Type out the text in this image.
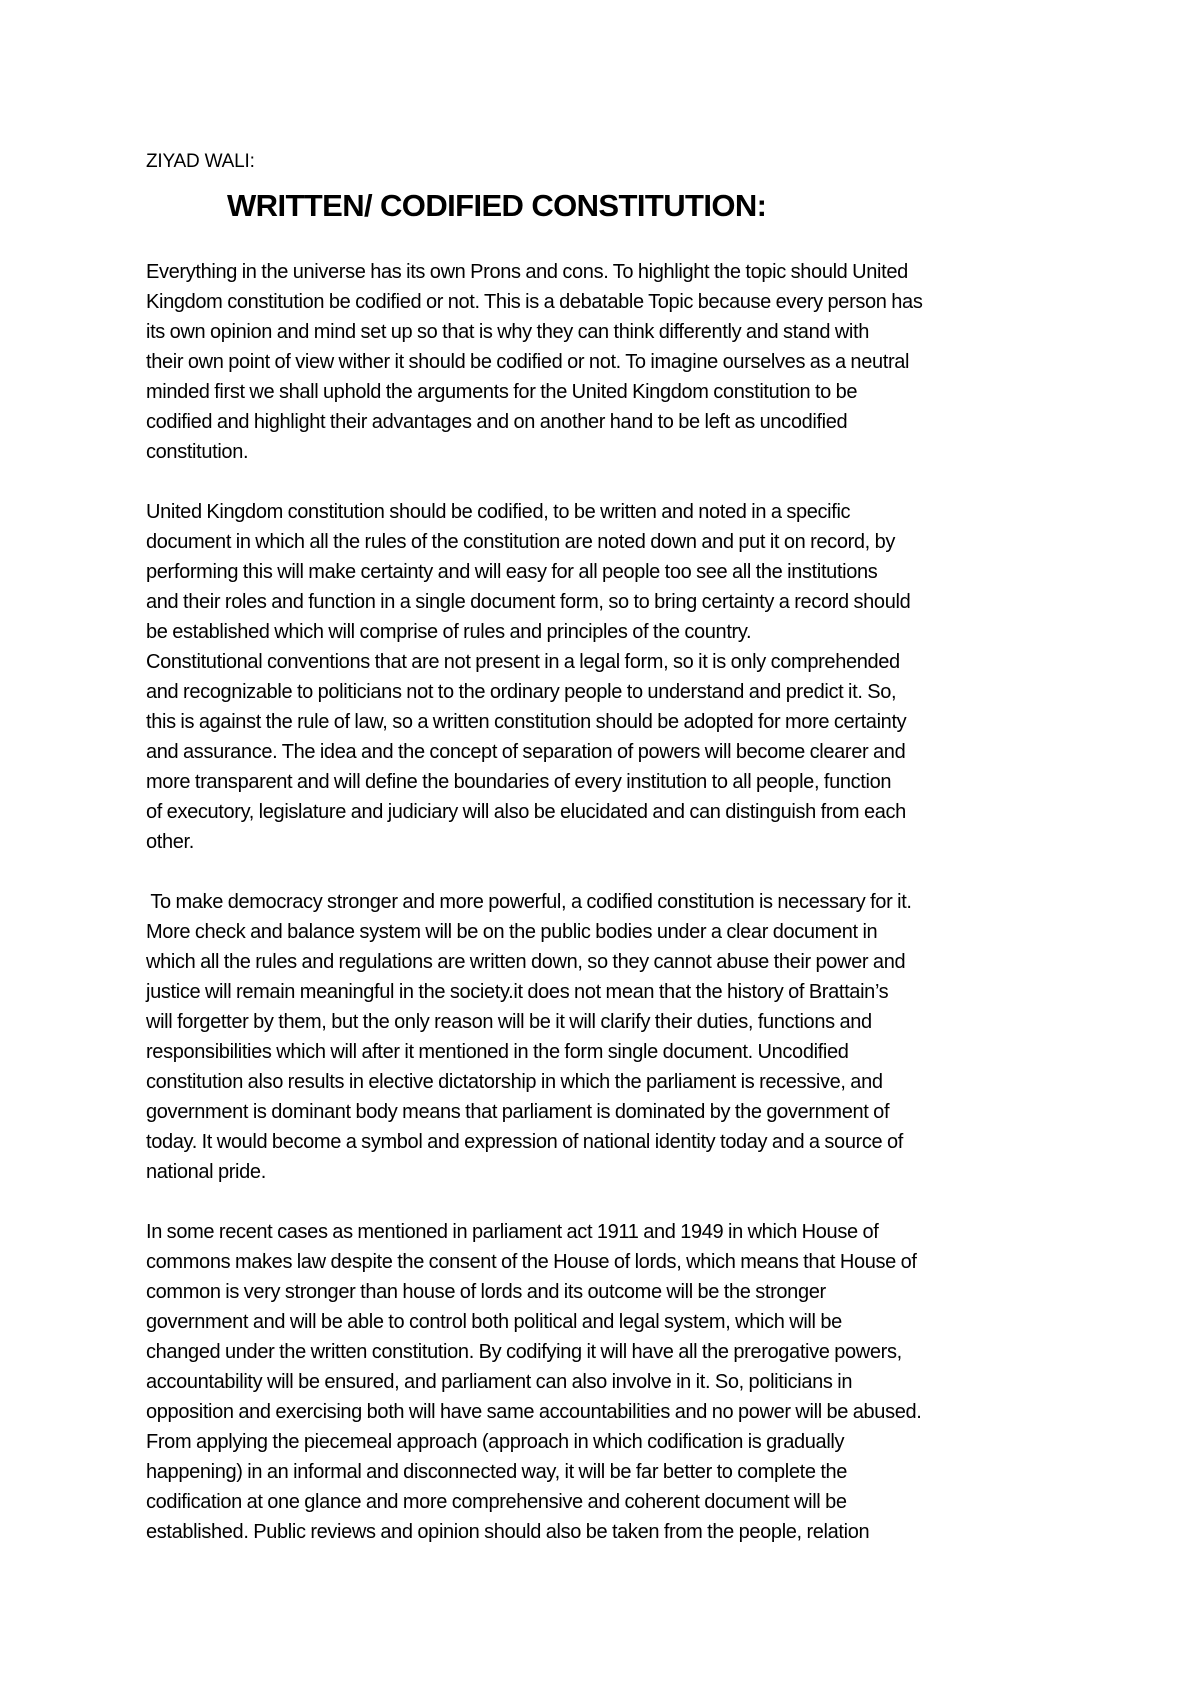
ZIYAD WALI:
WRITTEN/ CODIFIED CONSTITUTION:

Everything in the universe has its own Prons and cons. To highlight the topic should United
Kingdom constitution be codified or not. This is a debatable Topic because every person has
its own opinion and mind set up so that is why they can think differently and stand with
their own point of view wither it should be codified or not. To imagine ourselves as a neutral
minded first we shall uphold the arguments for the United Kingdom constitution to be
codified and highlight their advantages and on another hand to be left as uncodified
constitution.

United Kingdom constitution should be codified, to be written and noted in a specific
document in which all the rules of the constitution are noted down and put it on record, by
performing this will make certainty and will easy for all people too see all the institutions
and their roles and function in a single document form, so to bring certainty a record should
be established which will comprise of rules and principles of the country.

Constitutional conventions that are not present in a legal form, so it is only comprehended
and recognizable to politicians not to the ordinary people to understand and predict it. So,
this is against the rule of law, so a written constitution should be adopted for more certainty
and assurance. The idea and the concept of separation of powers will become clearer and
more transparent and will define the boundaries of every institution to all people, function
of executory, legislature and judiciary will also be elucidated and can distinguish from each
other.

To make democracy stronger and more powerful, a codified constitution is necessary for it.
More check and balance system will be on the public bodies under a clear document in
which all the rules and regulations are written down, so they cannot abuse their power and
justice will remain meaningful in the society.it does not mean that the history of Brattain’s
will forgetter by them, but the only reason will be it will clarify their duties, functions and
responsibilities which will after it mentioned in the form single document. Uncodified
constitution also results in elective dictatorship in which the parliament is recessive, and
government is dominant body means that parliament is dominated by the government of
today. It would become a symbol and expression of national identity today and a source of
national pride.

In some recent cases as mentioned in parliament act 1911 and 1949 in which House of
commons makes law despite the consent of the House of lords, which means that House of
common is very stronger than house of lords and its outcome will be the stronger
government and will be able to control both political and legal system, which will be
changed under the written constitution. By codifying it will have all the prerogative powers,
accountability will be ensured, and parliament can also involve in it. So, politicians in
opposition and exercising both will have same accountabilities and no power will be abused.
From applying the piecemeal approach (approach in which codification is gradually
happening) in an informal and disconnected way, it will be far better to complete the
codification at one glance and more comprehensive and coherent document will be
established. Public reviews and opinion should also be taken from the people, relation
